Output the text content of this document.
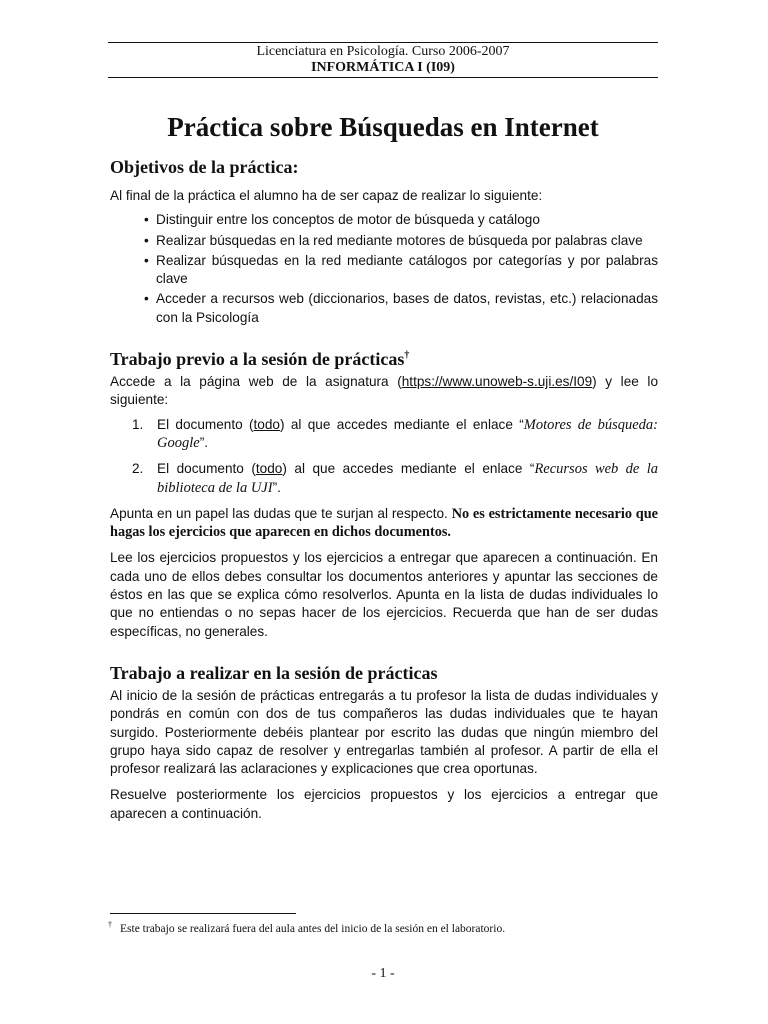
Licenciatura en Psicología. Curso 2006-2007
INFORMÁTICA I (I09)
Práctica sobre Búsquedas en Internet
Objetivos de la práctica:

Al final de la práctica el alumno ha de ser capaz de realizar lo siguiente:

• Distinguir entre los conceptos de motor de búsqueda y catálogo
• Realizar búsquedas en la red mediante motores de búsqueda por palabras clave
• Realizar búsquedas en la red mediante catálogos por categorías y por palabras clave
• Acceder a recursos web (diccionarios, bases de datos, revistas, etc.) relacionadas con la Psicología
Trabajo previo a la sesión de prácticas†

Accede a la página web de la asignatura (https://www.unoweb-s.uji.es/I09) y lee lo siguiente:

1. El documento (todo) al que accedes mediante el enlace “Motores de búsqueda: Google”.
2. El documento (todo) al que accedes mediante el enlace “Recursos web de la biblioteca de la UJI”.

Apunta en un papel las dudas que te surjan al respecto. No es estrictamente necesario que hagas los ejercicios que aparecen en dichos documentos.

Lee los ejercicios propuestos y los ejercicios a entregar que aparecen a continuación. En cada uno de ellos debes consultar los documentos anteriores y apuntar las secciones de éstos en las que se explica cómo resolverlos. Apunta en la lista de dudas individuales lo que no entiendas o no sepas hacer de los ejercicios. Recuerda que han de ser dudas específicas, no generales.

Trabajo a realizar en la sesión de prácticas

Al inicio de la sesión de prácticas entregarás a tu profesor la lista de dudas individuales y pondrás en común con dos de tus compañeros las dudas individuales que te hayan surgido. Posteriormente debéis plantear por escrito las dudas que ningún miembro del grupo haya sido capaz de resolver y entregarlas también al profesor. A partir de ella el profesor realizará las aclaraciones y explicaciones que crea oportunas.

Resuelve posteriormente los ejercicios propuestos y los ejercicios a entregar que aparecen a continuación.

† Este trabajo se realizará fuera del aula antes del inicio de la sesión en el laboratorio.
- 1 -
